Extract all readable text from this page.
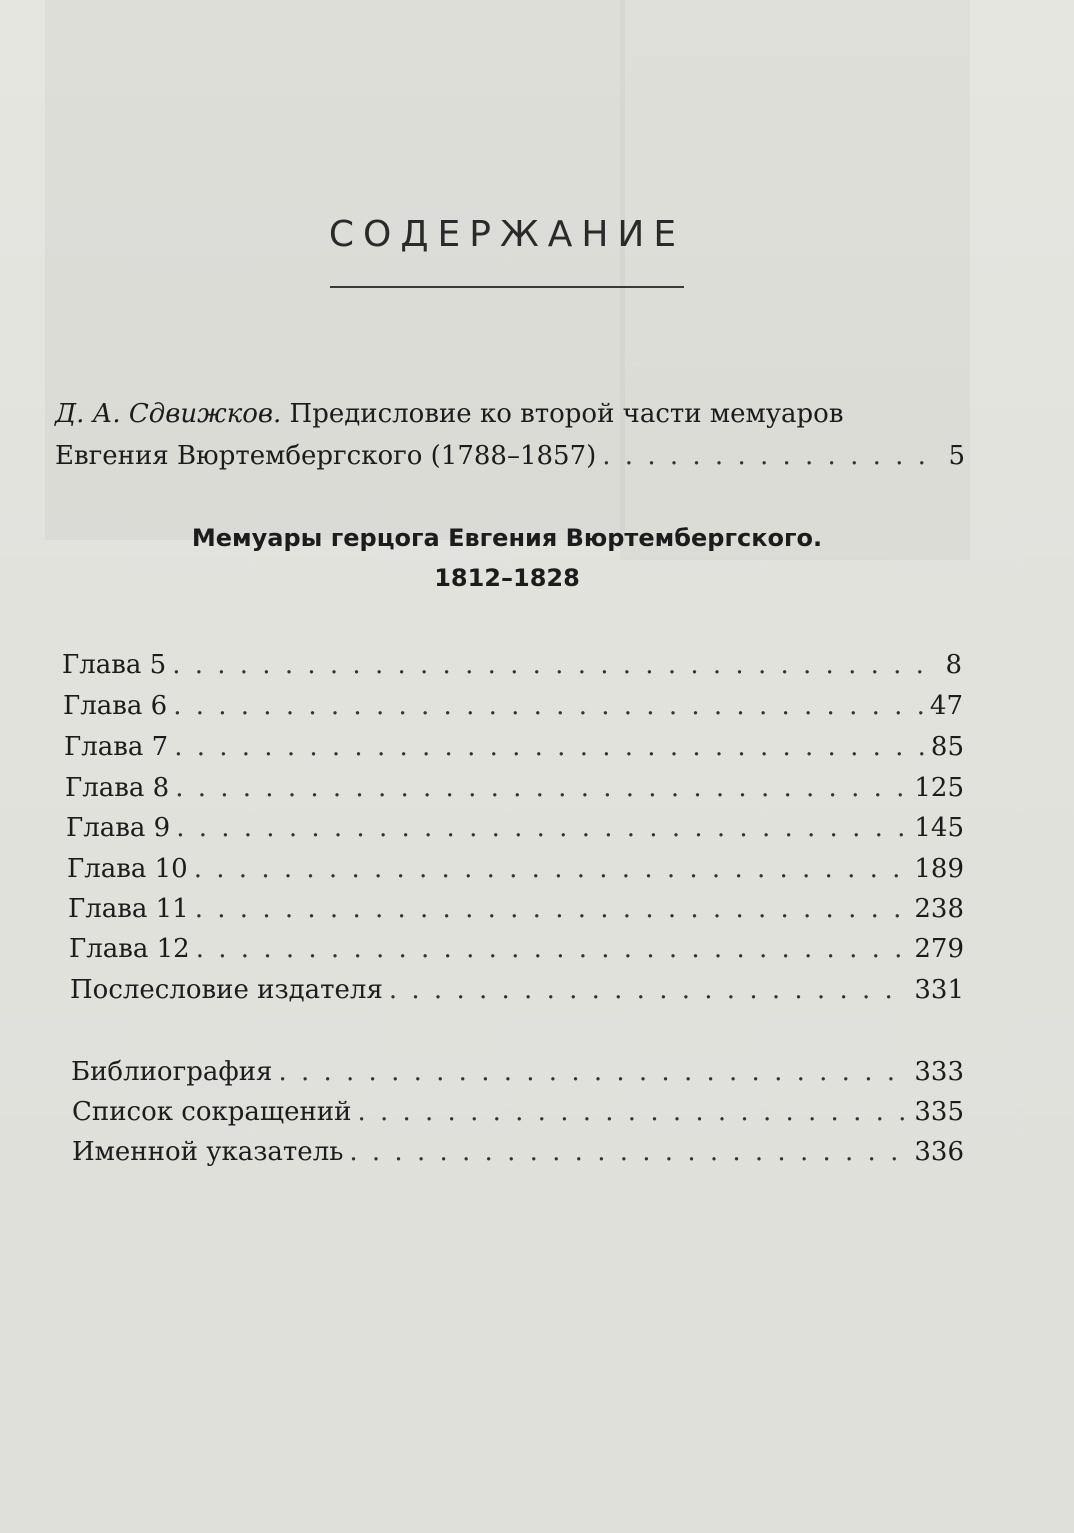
СОДЕРЖАНИЕ
Д. А. Сдвижков. Предисловие ко второй части мемуаров
Евгения Вюртембергского (1788–1857) . . .	5
Мемуары герцога Евгения Вюртембергского.
1812–1828
Глава 5 . . .	8
Глава 6 . . .	47
Глава 7 . . .	85
Глава 8 . . .	125
Глава 9 . . .	145
Глава 10 . . .	189
Глава 11 . . .	238
Глава 12 . . .	279
Послесловие издателя . . .	331
Библиография . . .	333
Список сокращений . . .	335
Именной указатель . . .	336
